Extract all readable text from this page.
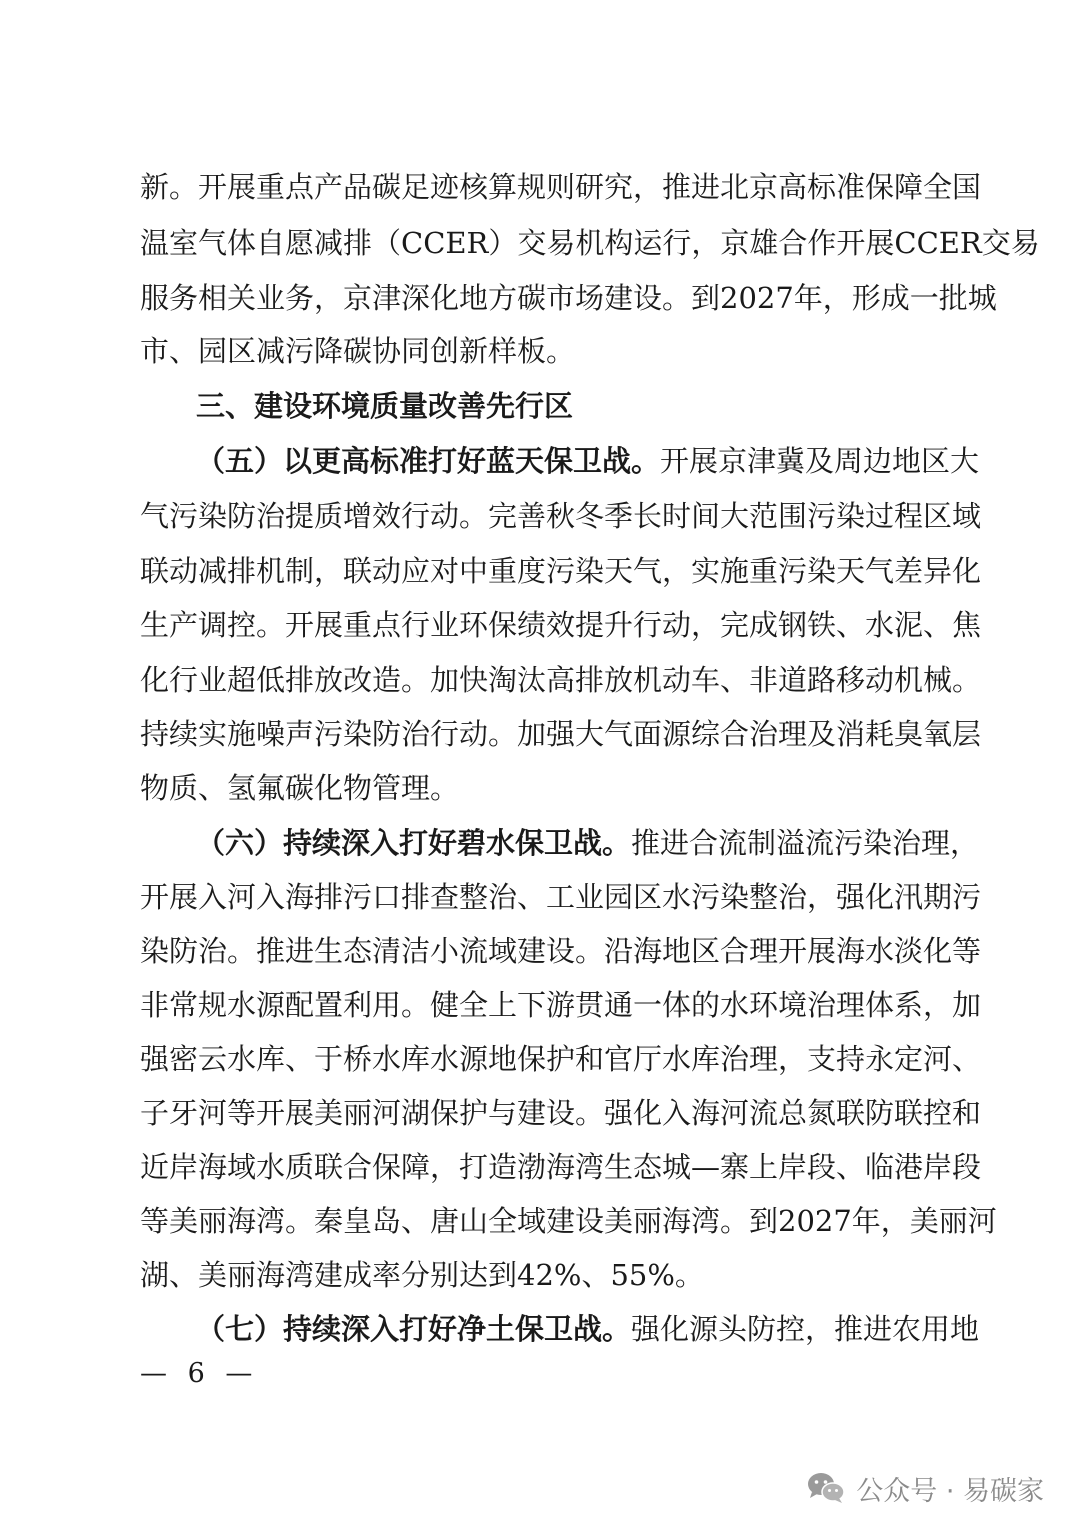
新。开展重点产品碳足迹核算规则研究，推进北京高标准保障全国
温室气体自愿减排（CCER）交易机构运行，京雄合作开展CCER交易
服务相关业务，京津深化地方碳市场建设。到2027年，形成一批城
市、园区减污降碳协同创新样板。
三、建设环境质量改善先行区
（五）以更高标准打好蓝天保卫战。开展京津冀及周边地区大
气污染防治提质增效行动。完善秋冬季长时间大范围污染过程区域
联动减排机制，联动应对中重度污染天气，实施重污染天气差异化
生产调控。开展重点行业环保绩效提升行动，完成钢铁、水泥、焦
化行业超低排放改造。加快淘汰高排放机动车、非道路移动机械。
持续实施噪声污染防治行动。加强大气面源综合治理及消耗臭氧层
物质、氢氟碳化物管理。
（六）持续深入打好碧水保卫战。推进合流制溢流污染治理，
开展入河入海排污口排查整治、工业园区水污染整治，强化汛期污
染防治。推进生态清洁小流域建设。沿海地区合理开展海水淡化等
非常规水源配置利用。健全上下游贯通一体的水环境治理体系，加
强密云水库、于桥水库水源地保护和官厅水库治理，支持永定河、
子牙河等开展美丽河湖保护与建设。强化入海河流总氮联防联控和
近岸海域水质联合保障，打造渤海湾生态城—寨上岸段、临港岸段
等美丽海湾。秦皇岛、唐山全域建设美丽海湾。到2027年，美丽河
湖、美丽海湾建成率分别达到42%、55%。
（七）持续深入打好净土保卫战。强化源头防控，推进农用地
— 6 —
公众号 · 易碳家
